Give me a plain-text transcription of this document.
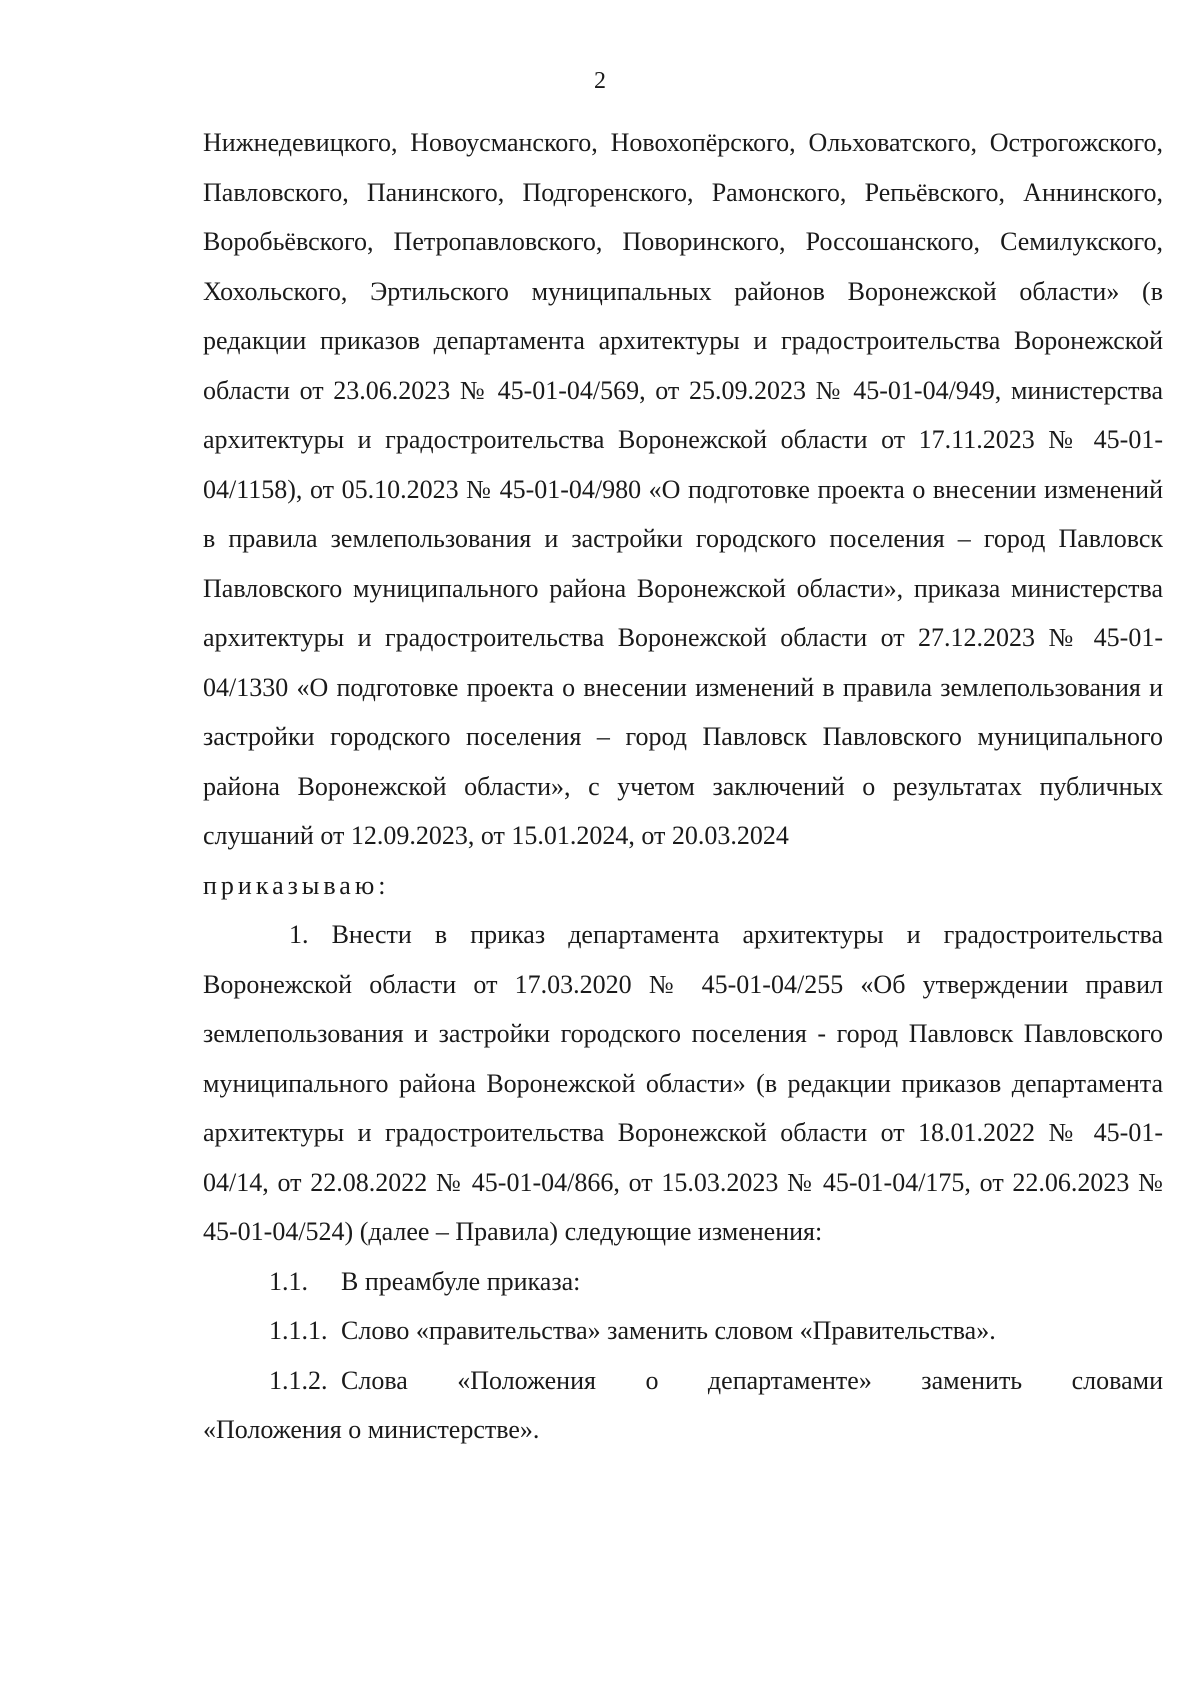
2

Нижнедевицкого, Новоусманского, Новохопёрского, Ольховатского, Острогожского, Павловского, Панинского, Подгоренского, Рамонского, Репьёвского, Аннинского, Воробьёвского, Петропавловского, Поворинского, Россошанского, Семилукского, Хохольского, Эртильского муниципальных районов Воронежской области» (в редакции приказов департамента архитектуры и градостроительства Воронежской области от 23.06.2023 № 45-01-04/569, от 25.09.2023 № 45-01-04/949, министерства архитектуры и градостроительства Воронежской области от 17.11.2023 № 45-01-04/1158), от 05.10.2023 № 45-01-04/980 «О подготовке проекта о внесении изменений в правила землепользования и застройки городского поселения – город Павловск Павловского муниципального района Воронежской области», приказа министерства архитектуры и градостроительства Воронежской области от 27.12.2023 № 45-01-04/1330 «О подготовке проекта о внесении изменений в правила землепользования и застройки городского поселения – город Павловск Павловского муниципального района Воронежской области», с учетом заключений о результатах публичных слушаний от 12.09.2023, от 15.01.2024, от 20.03.2024

приказываю:

1. Внести в приказ департамента архитектуры и градостроительства Воронежской области от 17.03.2020 № 45-01-04/255 «Об утверждении правил землепользования и застройки городского поселения - город Павловск Павловского муниципального района Воронежской области» (в редакции приказов департамента архитектуры и градостроительства Воронежской области от 18.01.2022 № 45-01-04/14, от 22.08.2022 № 45-01-04/866, от 15.03.2023 № 45-01-04/175, от 22.06.2023 № 45-01-04/524) (далее – Правила) следующие изменения:

1.1. В преамбуле приказа:

1.1.1. Слово «правительства» заменить словом «Правительства».

1.1.2. Слова «Положения о департаменте» заменить словами

«Положения о министерстве».
